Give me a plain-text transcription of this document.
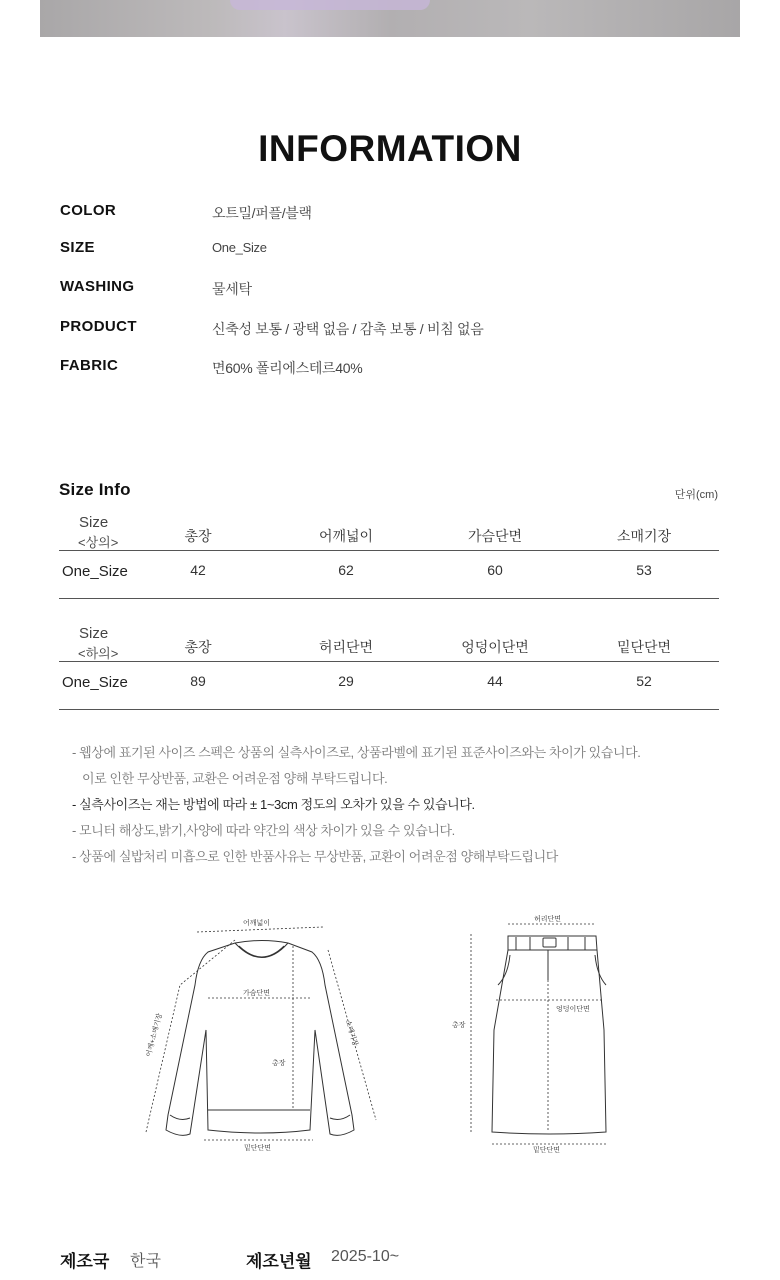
INFORMATION
COLOR	오트밀/퍼플/블랙
SIZE	One_Size
WASHING	물세탁
PRODUCT	신축성 보통 / 광택 없음 / 감촉 보통 / 비침 없음
FABRIC	면60% 폴리에스테르40%
Size Info	단위(cm)
Size
<상의>	총장	어깨넓이	가슴단면	소매기장
One_Size	42	62	60	53
Size
<하의>	총장	허리단면	엉덩이단면	밑단단면
One_Size	89	29	44	52
- 웹상에 표기된 사이즈 스펙은 상품의 실측사이즈로, 상품라벨에 표기된 표준사이즈와는 차이가 있습니다.
이로 인한 무상반품, 교환은 어려운점 양해 부탁드립니다.
- 실측사이즈는 재는 방법에 따라 ± 1~3cm 정도의 오차가 있을 수 있습니다.
- 모니터 해상도,밝기,사양에 따라 약간의 색상 차이가 있을 수 있습니다.
- 상품에 실밥처리 미흡으로 인한 반품사유는 무상반품, 교환이 어려운점 양해부탁드립니다
어깨넓이
가슴단면
총장
밑단단면
어깨+소매기장	소매기장
허리단면
엉덩이단면
총장
밑단단면
제조국 한국	제조년월 2025-10~
